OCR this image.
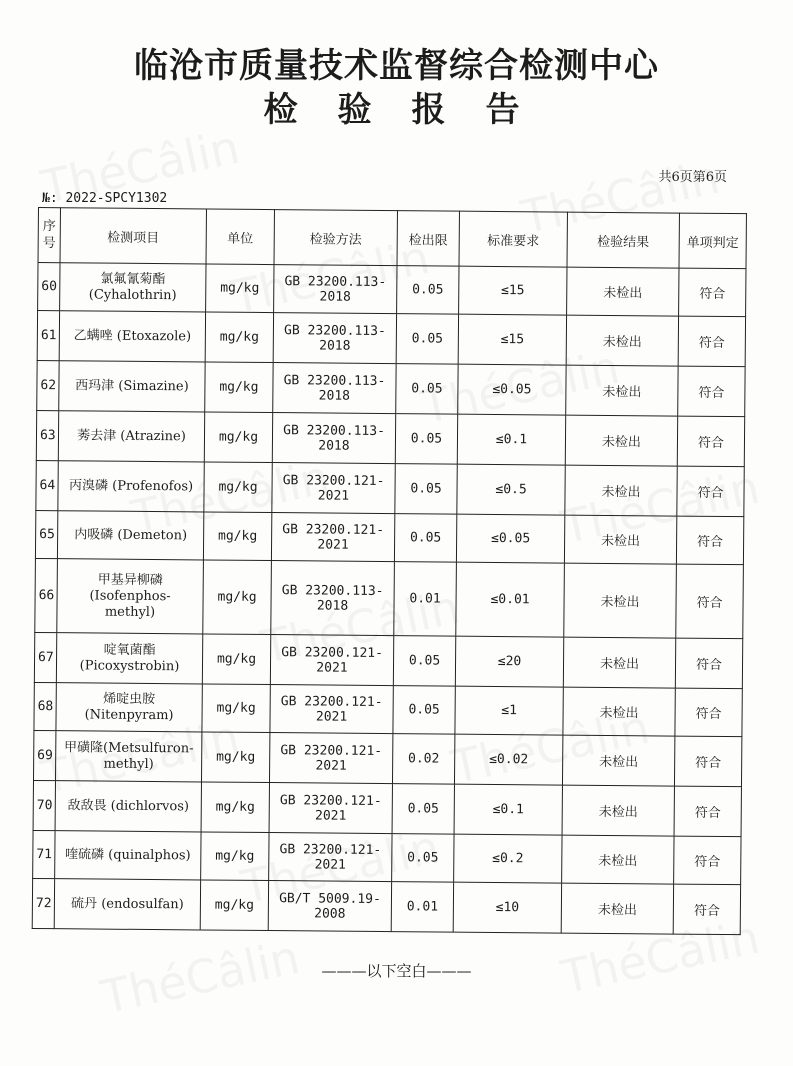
临沧市质量技术监督综合检测中心
检验报告
共6页第6页
№: 2022-SPCY1302
序号	检测项目	单位	检验方法	检出限	标准要求	检验结果	单项判定
60	氯氟氰菊酯
(Cyhalothrin)	mg/kg	GB 23200.113-2018	0.05	≤15	未检出	符合
61	乙螨唑 (Etoxazole)	mg/kg	GB 23200.113-2018	0.05	≤15	未检出	符合
62	西玛津 (Simazine)	mg/kg	GB 23200.113-2018	0.05	≤0.05	未检出	符合
63	莠去津 (Atrazine)	mg/kg	GB 23200.113-2018	0.05	≤0.1	未检出	符合
64	丙溴磷 (Profenofos)	mg/kg	GB 23200.121-2021	0.05	≤0.5	未检出	符合
65	内吸磷 (Demeton)	mg/kg	GB 23200.121-2021	0.05	≤0.05	未检出	符合
66	甲基异柳磷
(Isofenphos-
methyl)	mg/kg	GB 23200.113-2018	0.01	≤0.01	未检出	符合
67	啶氧菌酯
(Picoxystrobin)	mg/kg	GB 23200.121-2021	0.05	≤20	未检出	符合
68	烯啶虫胺
(Nitenpyram)	mg/kg	GB 23200.121-2021	0.05	≤1	未检出	符合
69	甲磺隆(Metsulfuron-
methyl)	mg/kg	GB 23200.121-2021	0.02	≤0.02	未检出	符合
70	敌敌畏 (dichlorvos)	mg/kg	GB 23200.121-2021	0.05	≤0.1	未检出	符合
71	喹硫磷 (quinalphos)	mg/kg	GB 23200.121-2021	0.05	≤0.2	未检出	符合
72	硫丹 (endosulfan)	mg/kg	GB/T 5009.19-2008	0.01	≤10	未检出	符合
———以下空白———
